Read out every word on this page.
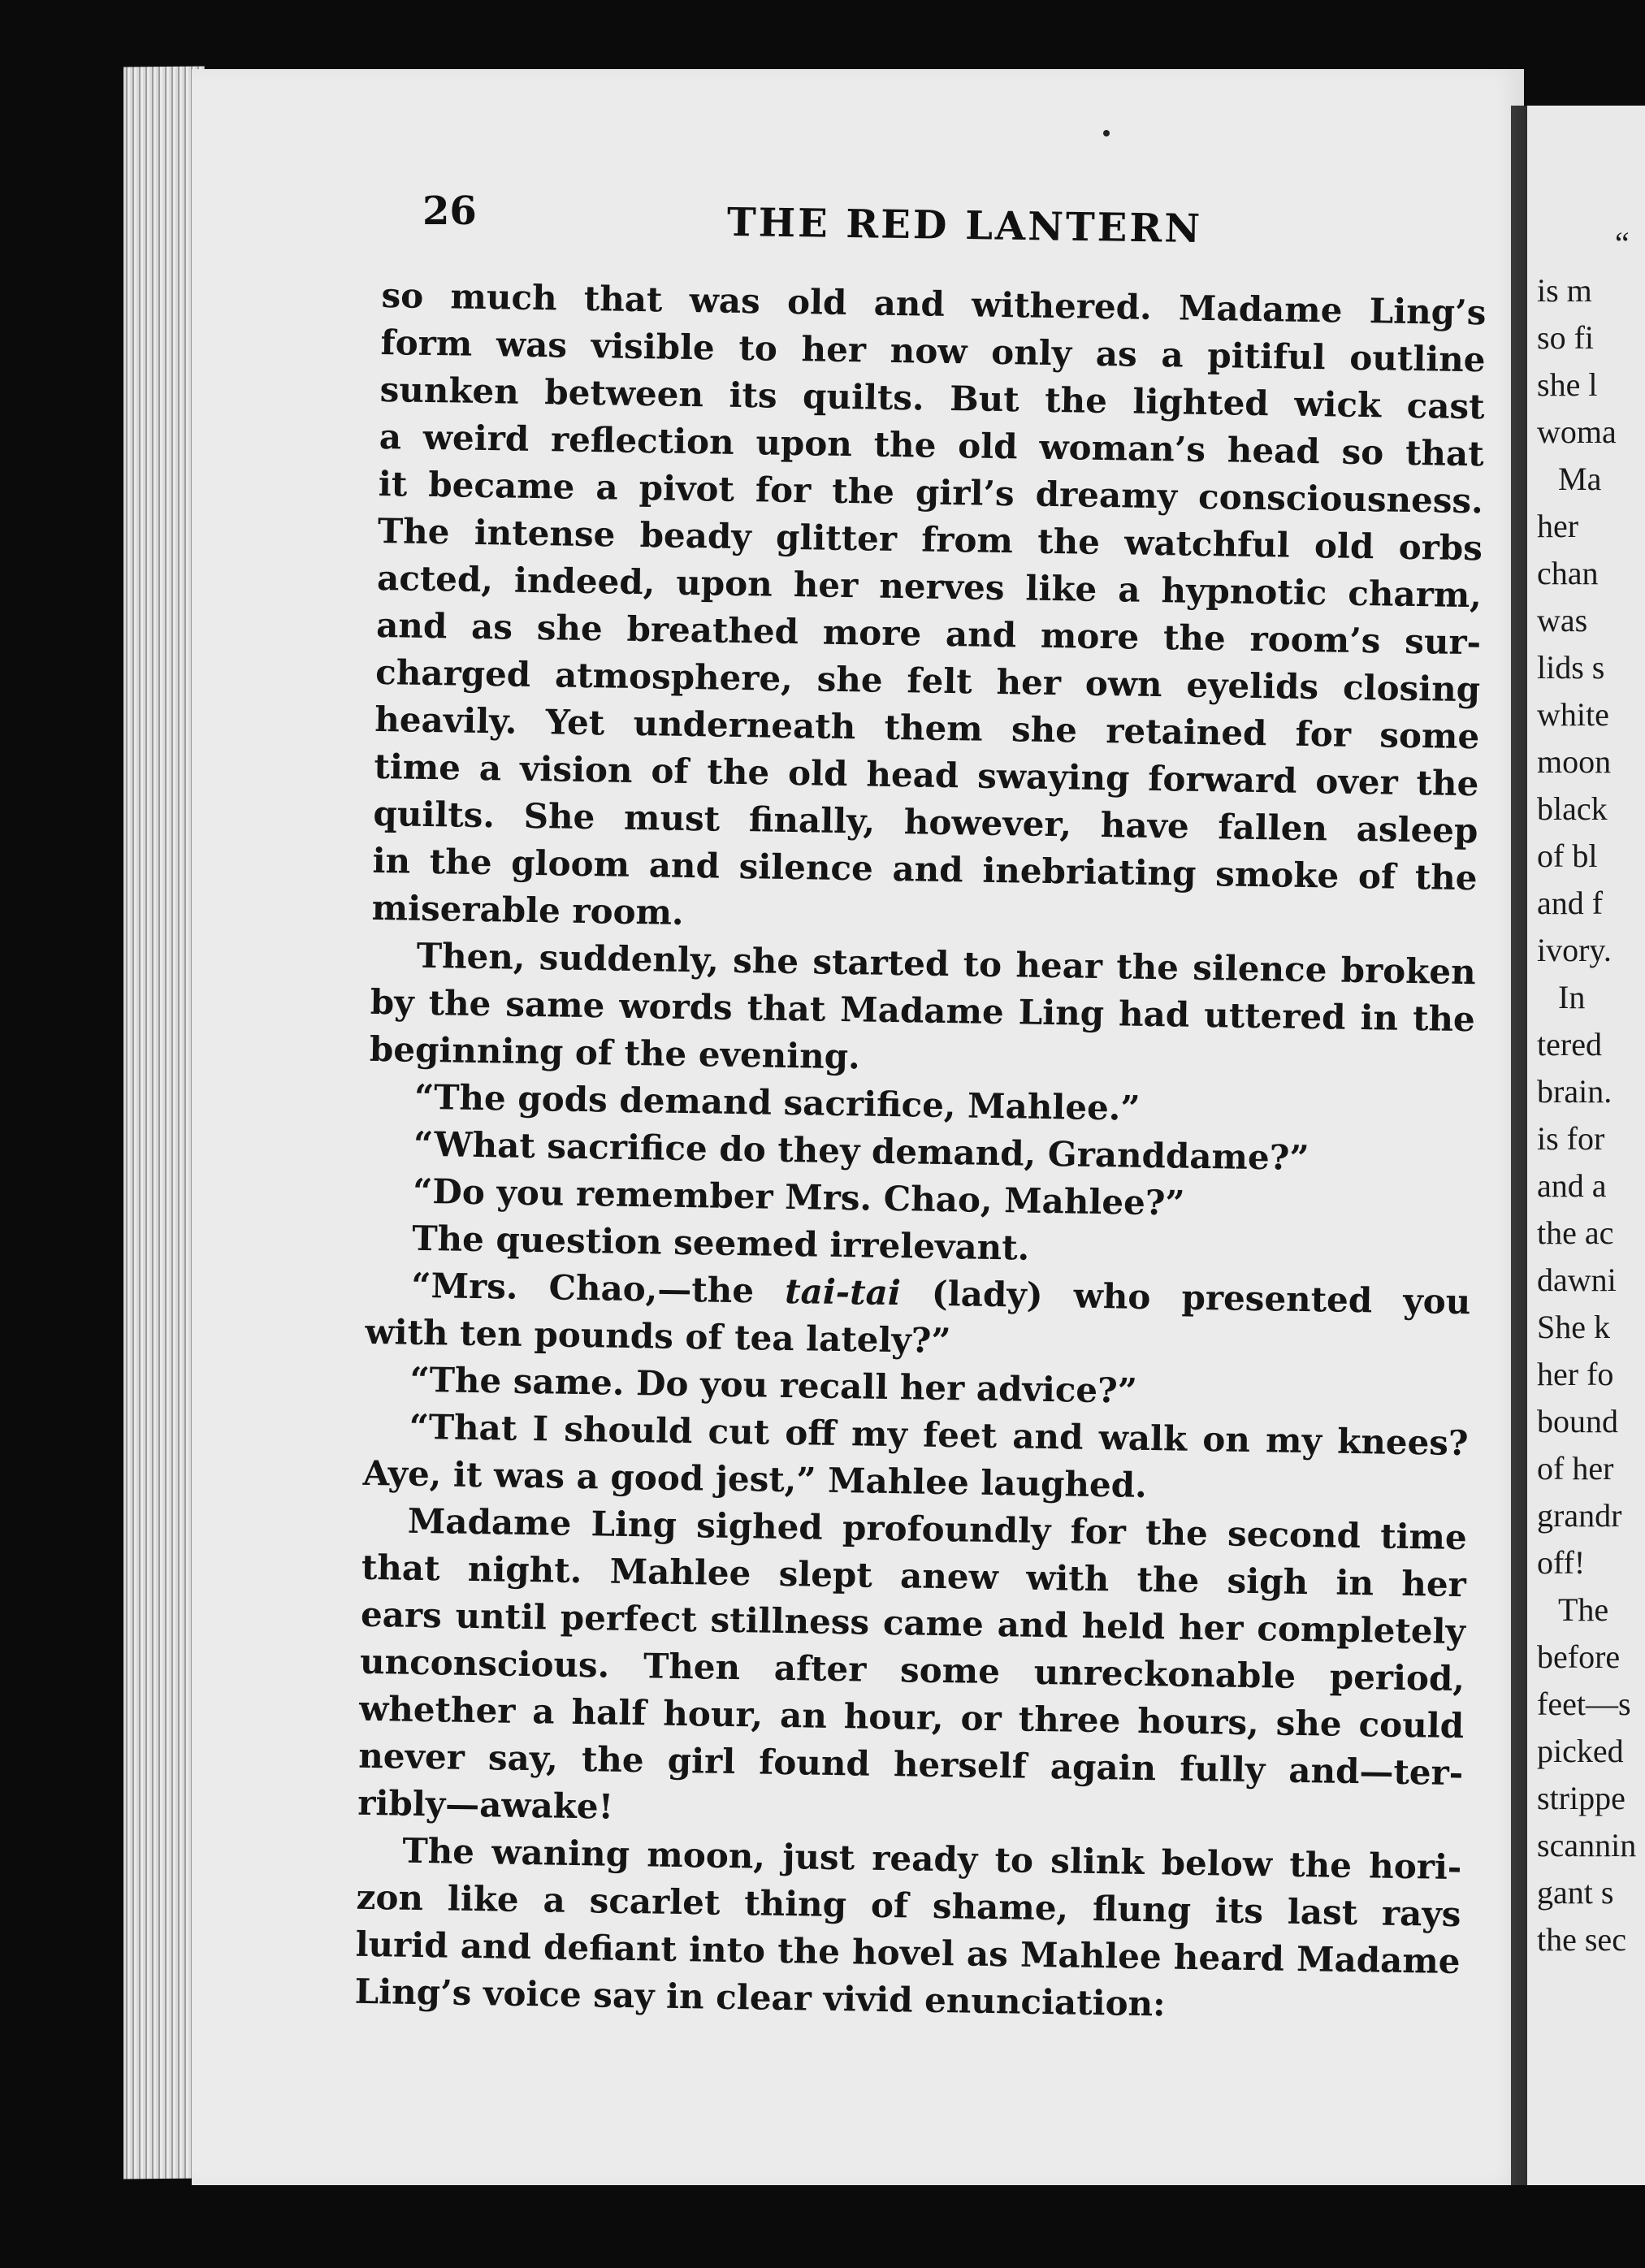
26	THE RED LANTERN
so much that was old and withered. Madame Ling’s
form was visible to her now only as a pitiful outline
sunken between its quilts. But the lighted wick cast
a weird reflection upon the old woman’s head so that
it became a pivot for the girl’s dreamy consciousness.
The intense beady glitter from the watchful old orbs
acted, indeed, upon her nerves like a hypnotic charm,
and as she breathed more and more the room’s sur-
charged atmosphere, she felt her own eyelids closing
heavily. Yet underneath them she retained for some
time a vision of the old head swaying forward over the
quilts. She must finally, however, have fallen asleep
in the gloom and silence and inebriating smoke of the
miserable room.
Then, suddenly, she started to hear the silence broken
by the same words that Madame Ling had uttered in the
beginning of the evening.
“The gods demand sacrifice, Mahlee.”
“What sacrifice do they demand, Granddame?”
“Do you remember Mrs. Chao, Mahlee?”
The question seemed irrelevant.
“Mrs. Chao,—the tai-tai (lady) who presented you
with ten pounds of tea lately?”
“The same. Do you recall her advice?”
“That I should cut off my feet and walk on my knees?
Aye, it was a good jest,” Mahlee laughed.
Madame Ling sighed profoundly for the second time
that night. Mahlee slept anew with the sigh in her
ears until perfect stillness came and held her completely
unconscious. Then after some unreckonable period,
whether a half hour, an hour, or three hours, she could
never say, the girl found herself again fully and—ter-
ribly—awake!
The waning moon, just ready to slink below the hori-
zon like a scarlet thing of shame, flung its last rays
lurid and defiant into the hovel as Mahlee heard Madame
Ling’s voice say in clear vivid enunciation:
“
is m
so fi
she l
woma
Ma
her
chan
was
lids s
white
moon
black
of bl
and f
ivory.
In
tered
brain.
is for
and a
the ac
dawni
She k
her fo
bound
of her
grandr
off!
The
before
feet—s
picked
strippe
scannin
gant s
the sec
